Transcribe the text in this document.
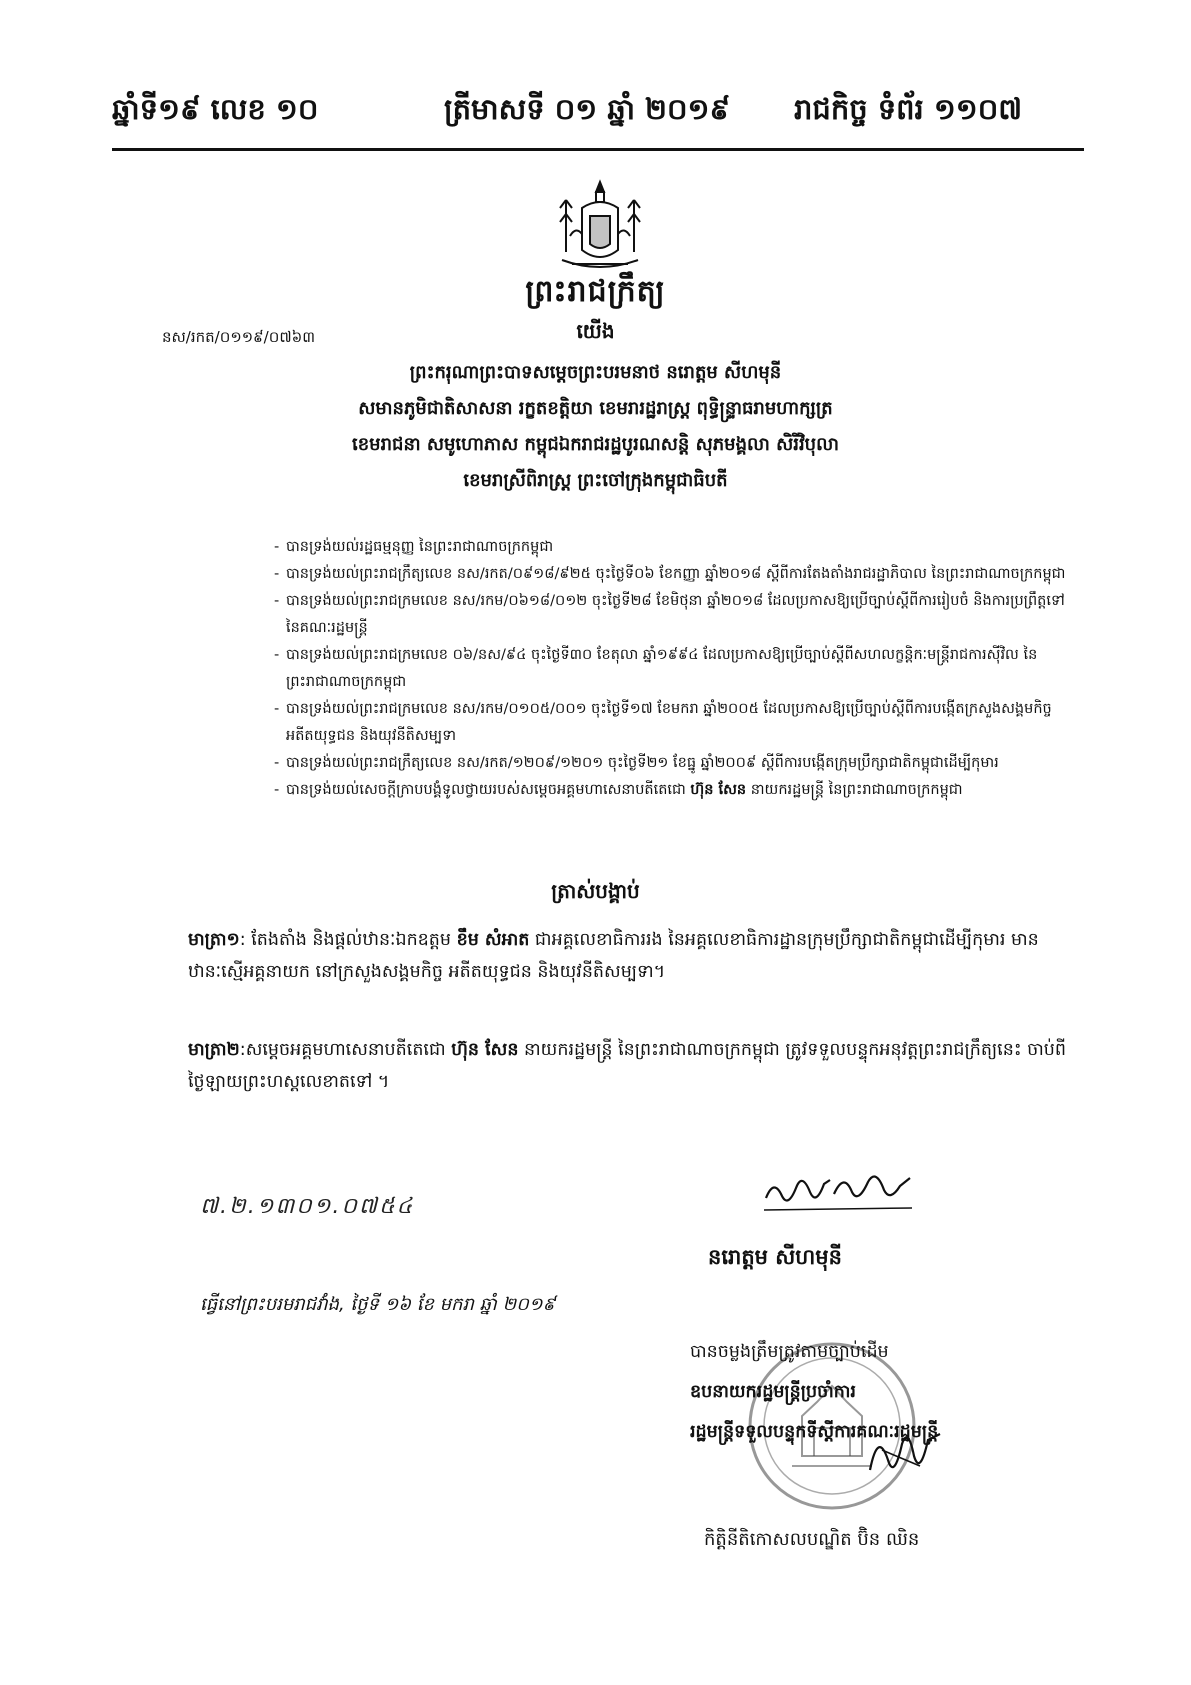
ឆ្នាំទី១៩ លេខ ១០	ត្រីមាសទី ០១ ឆ្នាំ ២០១៩ រាជកិច្ច ទំព័រ ១១០៧
ព្រះរាជក្រឹត្យ
នស/រកត/០១១៩/០៧៦៣	យើង
ព្រះករុណាព្រះបាទសម្ដេចព្រះបរមនាថ នរោត្តម សីហមុនី
សមានភូមិជាតិសាសនា រក្ខតខត្តិយា ខេមរារដ្ឋរាស្ត្រ ពុទ្ធិន្ទ្រាធរាមហាក្សត្រ
ខេមរាជនា សមូហោភាស កម្ពុជឯករាជរដ្ឋបូរណសន្តិ សុភមង្គលា សិរីវិបុលា
ខេមរាស្រីពិរាស្ត្រ ព្រះចៅក្រុងកម្ពុជាធិបតី
- បានទ្រង់យល់រដ្ឋធម្មនុញ្ញ នៃព្រះរាជាណាចក្រកម្ពុជា
- បានទ្រង់យល់ព្រះរាជក្រឹត្យលេខ នស/រកត/០៩១៨/៩២៥ ចុះថ្ងៃទី០៦ ខែកញ្ញា ឆ្នាំ២០១៨ ស្ដីពីការតែងតាំងរាជរដ្ឋាភិបាល នៃព្រះរាជាណាចក្រកម្ពុជា
- បានទ្រង់យល់ព្រះរាជក្រមលេខ នស/រកម/០៦១៨/០១២ ចុះថ្ងៃទី២៨ ខែមិថុនា ឆ្នាំ២០១៨ ដែលប្រកាសឱ្យប្រើច្បាប់ស្ដីពីការរៀបចំ និងការប្រព្រឹត្តទៅ នៃគណៈរដ្ឋមន្ត្រី
- បានទ្រង់យល់ព្រះរាជក្រមលេខ ០៦/នស/៩៤ ចុះថ្ងៃទី៣០ ខែតុលា ឆ្នាំ១៩៩៤ ដែលប្រកាសឱ្យប្រើច្បាប់ស្ដីពីសហលក្ខន្តិកៈមន្ត្រីរាជការស៊ីវិល នៃព្រះរាជាណាចក្រកម្ពុជា
- បានទ្រង់យល់ព្រះរាជក្រមលេខ នស/រកម/០១០៥/០០១ ចុះថ្ងៃទី១៧ ខែមករា ឆ្នាំ២០០៥ ដែលប្រកាសឱ្យប្រើច្បាប់ស្ដីពីការបង្កើតក្រសួងសង្គមកិច្ច អតីតយុទ្ធជន និងយុវនីតិសម្បទា
- បានទ្រង់យល់ព្រះរាជក្រឹត្យលេខ នស/រកត/១២០៩/១២០១ ចុះថ្ងៃទី២១ ខែធ្នូ ឆ្នាំ២០០៩ ស្ដីពីការបង្កើតក្រុមប្រឹក្សាជាតិកម្ពុជាដើម្បីកុមារ
- បានទ្រង់យល់សេចក្ដីក្រាបបង្គំទូលថ្វាយរបស់សម្ដេចអគ្គមហាសេនាបតីតេជោ ហ៊ុន សែន នាយករដ្ឋមន្ត្រី នៃព្រះរាជាណាចក្រកម្ពុជា
ត្រាស់បង្គាប់
មាត្រា១: តែងតាំង និងផ្ដល់ឋានៈឯកឧត្តម ខឹម សំអាត ជាអគ្គលេខាធិការរង នៃអគ្គលេខាធិការដ្ឋានក្រុមប្រឹក្សាជាតិកម្ពុជាដើម្បីកុមារ មានឋានៈស្មើអគ្គនាយក នៅក្រសួងសង្គមកិច្ច អតីតយុទ្ធជន និងយុវនីតិសម្បទា។
មាត្រា២:សម្ដេចអគ្គមហាសេនាបតីតេជោ ហ៊ុន សែន នាយករដ្ឋមន្ត្រី នៃព្រះរាជាណាចក្រកម្ពុជា ត្រូវទទួលបន្ទុកអនុវត្តព្រះរាជក្រឹត្យនេះ ចាប់ពីថ្ងៃឡាយព្រះហស្តលេខាតទៅ ។
៧.២.១៣០១.០៧៥៤
នរោត្តម សីហមុនី
ធ្វើនៅព្រះបរមរាជវាំង, ថ្ងៃទី ១៦ ខែ មករា ឆ្នាំ ២០១៩
បានចម្លងត្រឹមត្រូវតាមច្បាប់ដើម
ឧបនាយករដ្ឋមន្ត្រីប្រចាំការ
រដ្ឋមន្ត្រីទទួលបន្ទុកទីស្ដីការគណៈរដ្ឋមន្ត្រី
កិត្តិនីតិកោសលបណ្ឌិត ប៊ិន ឈិន
